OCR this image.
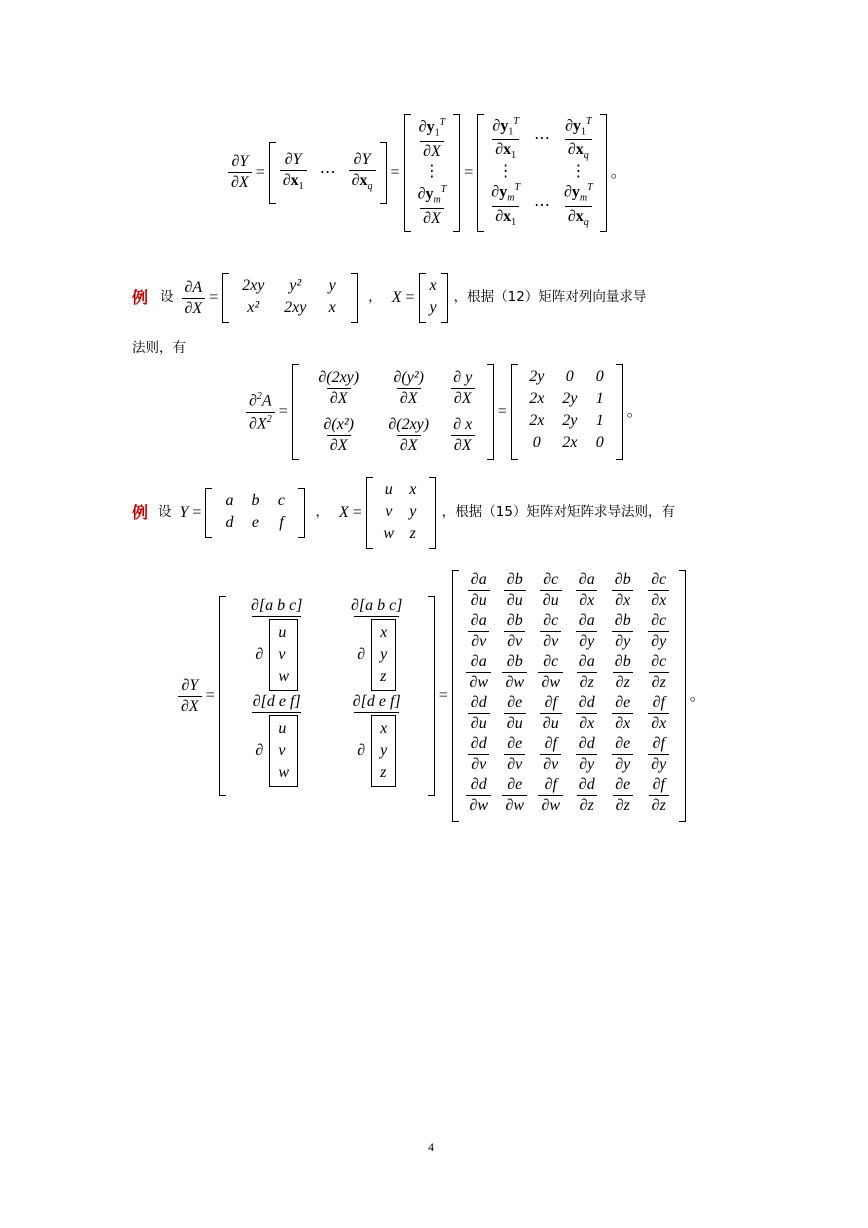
$\frac{\partial Y}{\partial X} = \frac{\partial Y}{\partial x_1}$ ⋯ $\frac{\partial Y}{\partial x_q}$ =
$\frac{\partial y_1^T}{\partial X}$
⋮
$\frac{\partial y_m^T}{\partial X}$
=
$\frac{\partial y_1^T}{\partial x_1}$ ⋯ $\frac{\partial y_1^T}{\partial x_q}$
⋮	⋮
$\frac{\partial y_m^T}{\partial x_1}$ ⋯ $\frac{\partial y_m^T}{\partial x_q}$
。
例 设 $\frac{\partial A}{\partial X}$ =
2xy y² y
x² 2xy x
， X =
x
y
，根据（12）矩阵对列向量求导
法则，有
$\frac{\partial^2A}{\partial X^2}$ =
$\frac{\partial(2xy)}{\partial X} \frac{\text{∂(y²)}}{\partial X} \frac{\partial y}{\partial X}$
$\frac{\text{∂(x²)}}{\partial X} \frac{\partial(2xy)}{\partial X} \frac{\partial x}{\partial X}$
=
2y 0 0
2x 2y 1
2x 2y 1
0 2x 0
。
例 设 Y =
a b c
d e f
， X =
u x
v y
w z
，根据（15）矩阵对矩阵求导法则，有
$\frac{\partial Y}{\partial X}$ =
∂[a b c]
∂
u
v
w	∂[a b c]
∂
x
y
z
∂[d e f]
∂
u
v
w	∂[d e f]
∂
x
y
z =
$\frac{\partial a}{\partial u} \frac{\partial b}{\partial u} \frac{\partial c}{\partial u} \frac{\partial a}{\partial x} \frac{\partial b}{\partial x} \frac{\partial c}{\partial x}$
$\frac{\partial a}{\partial v} \frac{\partial b}{\partial v} \frac{\partial c}{\partial v} \frac{\partial a}{\partial y} \frac{\partial b}{\partial y} \frac{\partial c}{\partial y}$
$\frac{\partial a}{\partial w} \frac{\partial b}{\partial w} \frac{\partial c}{\partial w} \frac{\partial a}{\partial z} \frac{\partial b}{\partial z} \frac{\partial c}{\partial z}$
$\frac{\partial d}{\partial u} \frac{\partial e}{\partial u} \frac{\partial f}{\partial u} \frac{\partial d}{\partial x} \frac{\partial e}{\partial x} \frac{\partial f}{\partial x}$
$\frac{\partial d}{\partial v} \frac{\partial e}{\partial v} \frac{\partial f}{\partial v} \frac{\partial d}{\partial y} \frac{\partial e}{\partial y} \frac{\partial f}{\partial y}$
$\frac{\partial d}{\partial w} \frac{\partial e}{\partial w} \frac{\partial f}{\partial w} \frac{\partial d}{\partial z} \frac{\partial e}{\partial z} \frac{\partial f}{\partial z}$
。
4
